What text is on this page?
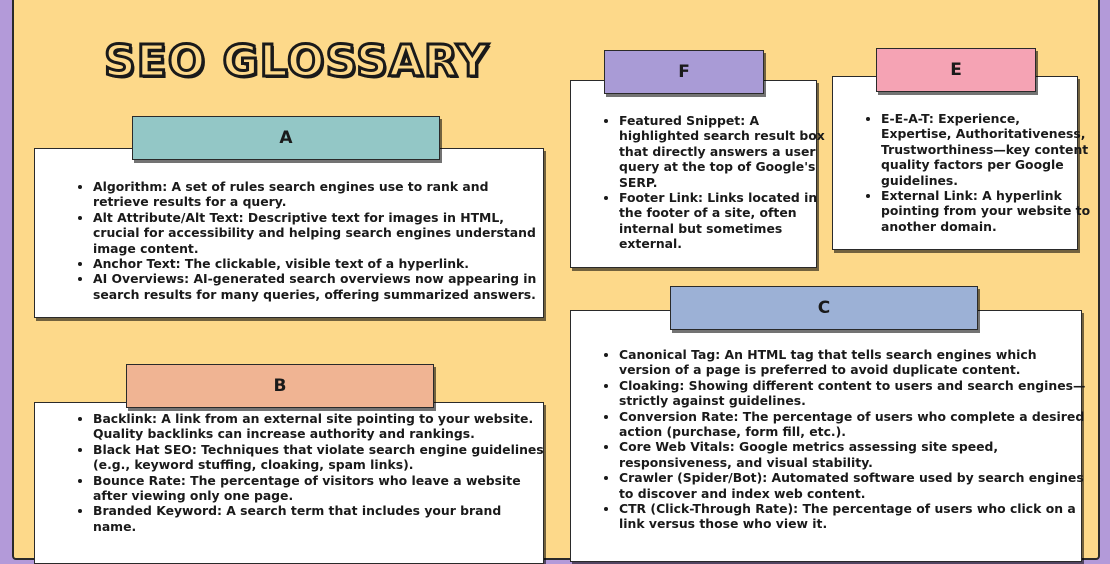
SEO GLOSSARY
• Algorithm: A set of rules search engines use to rank and retrieve results for a query.
• Alt Attribute/Alt Text: Descriptive text for images in HTML, crucial for accessibility and helping search engines understand image content.
• Anchor Text: The clickable, visible text of a hyperlink.
• AI Overviews: AI-generated search overviews now appearing in search results for many queries, offering summarized answers.
A
• Backlink: A link from an external site pointing to your website. Quality backlinks can increase authority and rankings.
• Black Hat SEO: Techniques that violate search engine guidelines (e.g., keyword stuffing, cloaking, spam links).
• Bounce Rate: The percentage of visitors who leave a website after viewing only one page.
• Branded Keyword: A search term that includes your brand name.
B
• Featured Snippet: A highlighted search result box that directly answers a user query at the top of Google's SERP.
• Footer Link: Links located in the footer of a site, often internal but sometimes external.
F
• E-E-A-T: Experience, Expertise, Authoritativeness, Trustworthiness—key content quality factors per Google guidelines.
• External Link: A hyperlink pointing from your website to another domain.
E
• Canonical Tag: An HTML tag that tells search engines which version of a page is preferred to avoid duplicate content.
• Cloaking: Showing different content to users and search engines—strictly against guidelines.
• Conversion Rate: The percentage of users who complete a desired action (purchase, form fill, etc.).
• Core Web Vitals: Google metrics assessing site speed, responsiveness, and visual stability.
• Crawler (Spider/Bot): Automated software used by search engines to discover and index web content.
• CTR (Click-Through Rate): The percentage of users who click on a link versus those who view it.
C
